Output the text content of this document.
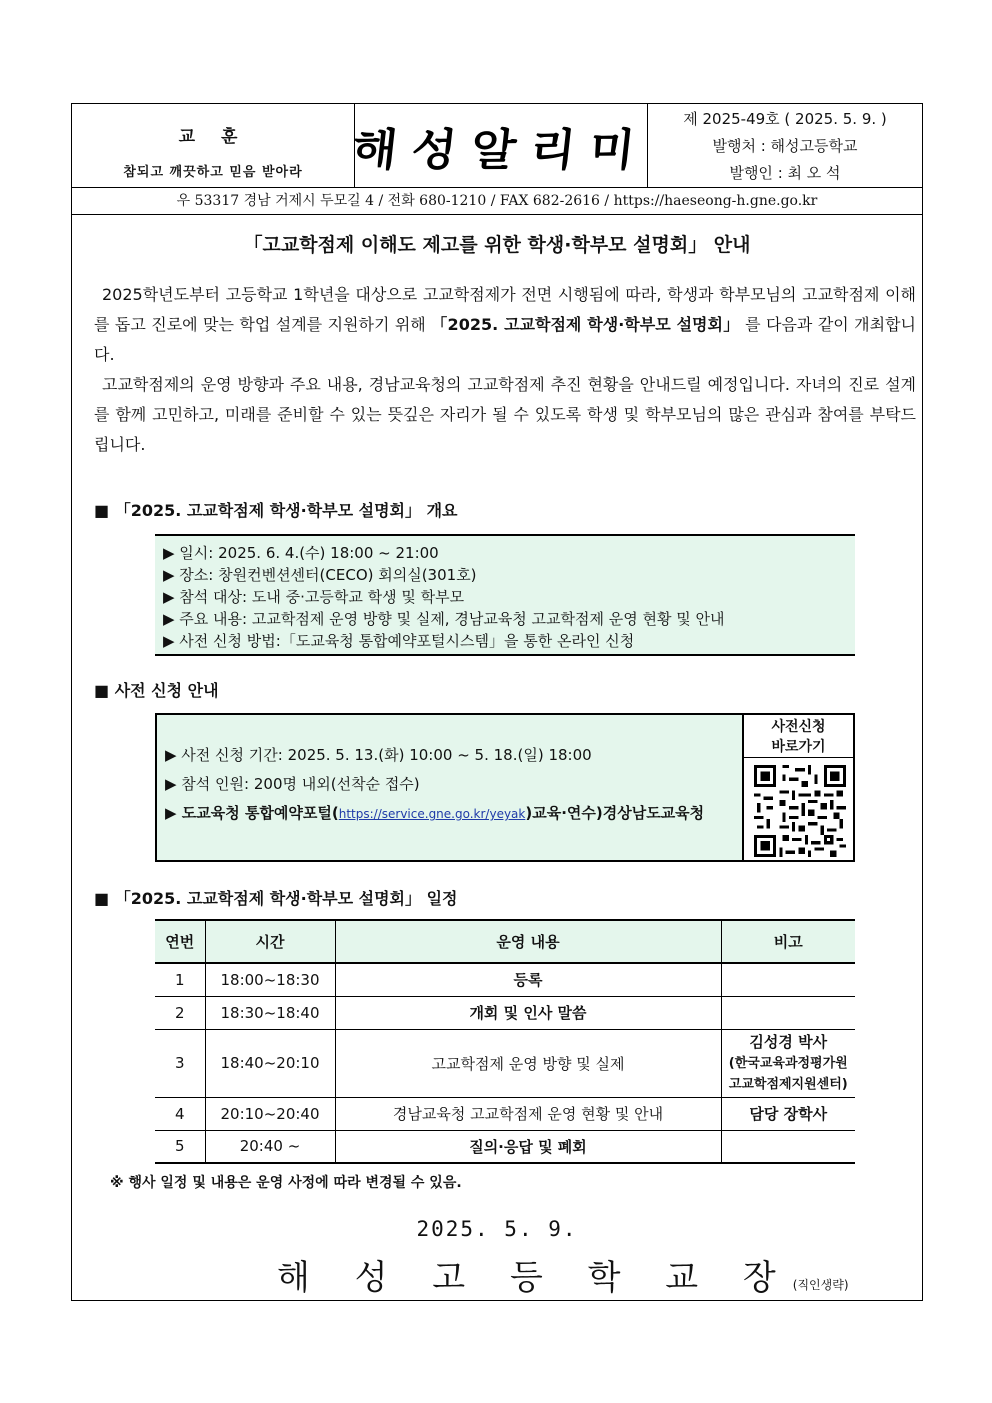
교 훈
참되고 깨끗하고 믿음 받아라	해성알리미
제 2025-49호 ( 2025. 5. 9. )
발행처 : 해성고등학교
발행인 : 최 오 석
우 53317 경남 거제시 두모길 4 / 전화 680-1210 / FAX 682-2616 / https://haeseong-h.gne.go.kr
「고교학점제 이해도 제고를 위한 학생·학부모 설명회」 안내
2025학년도부터 고등학교 1학년을 대상으로 고교학점제가 전면 시행됨에 따라, 학생과 학부모님의 고교학점제 이해를 돕고 진로에 맞는 학업 설계를 지원하기 위해 「2025. 고교학점제 학생·학부모 설명회」 를 다음과 같이 개최합니다.
고교학점제의 운영 방향과 주요 내용, 경남교육청의 고교학점제 추진 현황을 안내드릴 예정입니다. 자녀의 진로 설계를 함께 고민하고, 미래를 준비할 수 있는 뜻깊은 자리가 될 수 있도록 학생 및 학부모님의 많은 관심과 참여를 부탁드립니다.
■ 「2025. 고교학점제 학생·학부모 설명회」 개요
▶ 일시: 2025. 6. 4.(수) 18:00 ~ 21:00
▶ 장소: 창원컨벤션센터(CECO) 회의실(301호)
▶ 참석 대상: 도내 중·고등학교 학생 및 학부모
▶ 주요 내용: 고교학점제 운영 방향 및 실제, 경남교육청 고교학점제 운영 현황 및 안내
▶ 사전 신청 방법:「도교육청 통합예약포털시스템」을 통한 온라인 신청
■ 사전 신청 안내
▶ 사전 신청 기간: 2025. 5. 13.(화) 10:00 ~ 5. 18.(일) 18:00
▶ 참석 인원: 200명 내외(선착순 접수)
▶ 도교육청 통합예약포털(https://service.gne.go.kr/yeyak)교육·연수)경상남도교육청
사전신청
바로가기
■ 「2025. 고교학점제 학생·학부모 설명회」 일정
연번	시간	운영 내용	비고
1	18:00~18:30	등록	
2	18:30~18:40	개회 및 인사 말씀	
3	18:40~20:10	고교학점제 운영 방향 및 실제	김성경 박사
(한국교육과정평가원
고교학점제지원센터)

4	20:10~20:40	경남교육청 고교학점제 운영 현황 및 안내	담당 장학사
5	20:40 ~	질의·응답 및 폐회	
※ 행사 일정 및 내용은 운영 사정에 따라 변경될 수 있음.
2025. 5. 9.
해 성 고 등 학 교 장(직인생략)
